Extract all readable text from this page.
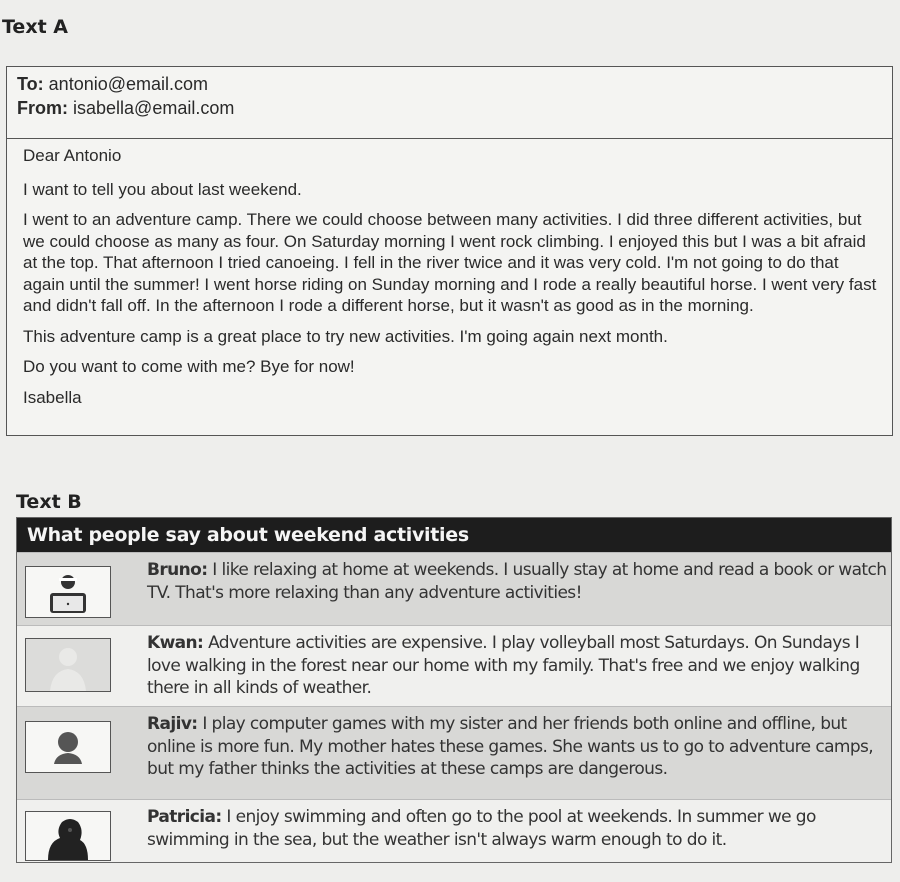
Text A
To: antonio@email.com
From: isabella@email.com

Dear Antonio

I want to tell you about last weekend.

I went to an adventure camp. There we could choose between many activities. I did three different activities, but we could choose as many as four. On Saturday morning I went rock climbing. I enjoyed this but I was a bit afraid at the top. That afternoon I tried canoeing. I fell in the river twice and it was very cold. I'm not going to do that again until the summer! I went horse riding on Sunday morning and I rode a really beautiful horse. I went very fast and didn't fall off. In the afternoon I rode a different horse, but it wasn't as good as in the morning.

This adventure camp is a great place to try new activities. I'm going again next month.

Do you want to come with me? Bye for now!

Isabella

Text B
What people say about weekend activities
Bruno: I like relaxing at home at weekends. I usually stay at home and read a book or watch TV. That's more relaxing than any adventure activities!
Kwan: Adventure activities are expensive. I play volleyball most Saturdays. On Sundays I love walking in the forest near our home with my family. That's free and we enjoy walking there in all kinds of weather.
Rajiv: I play computer games with my sister and her friends both online and offline, but online is more fun. My mother hates these games. She wants us to go to adventure camps, but my father thinks the activities at these camps are dangerous.
Patricia: I enjoy swimming and often go to the pool at weekends. In summer we go swimming in the sea, but the weather isn't always warm enough to do it.
